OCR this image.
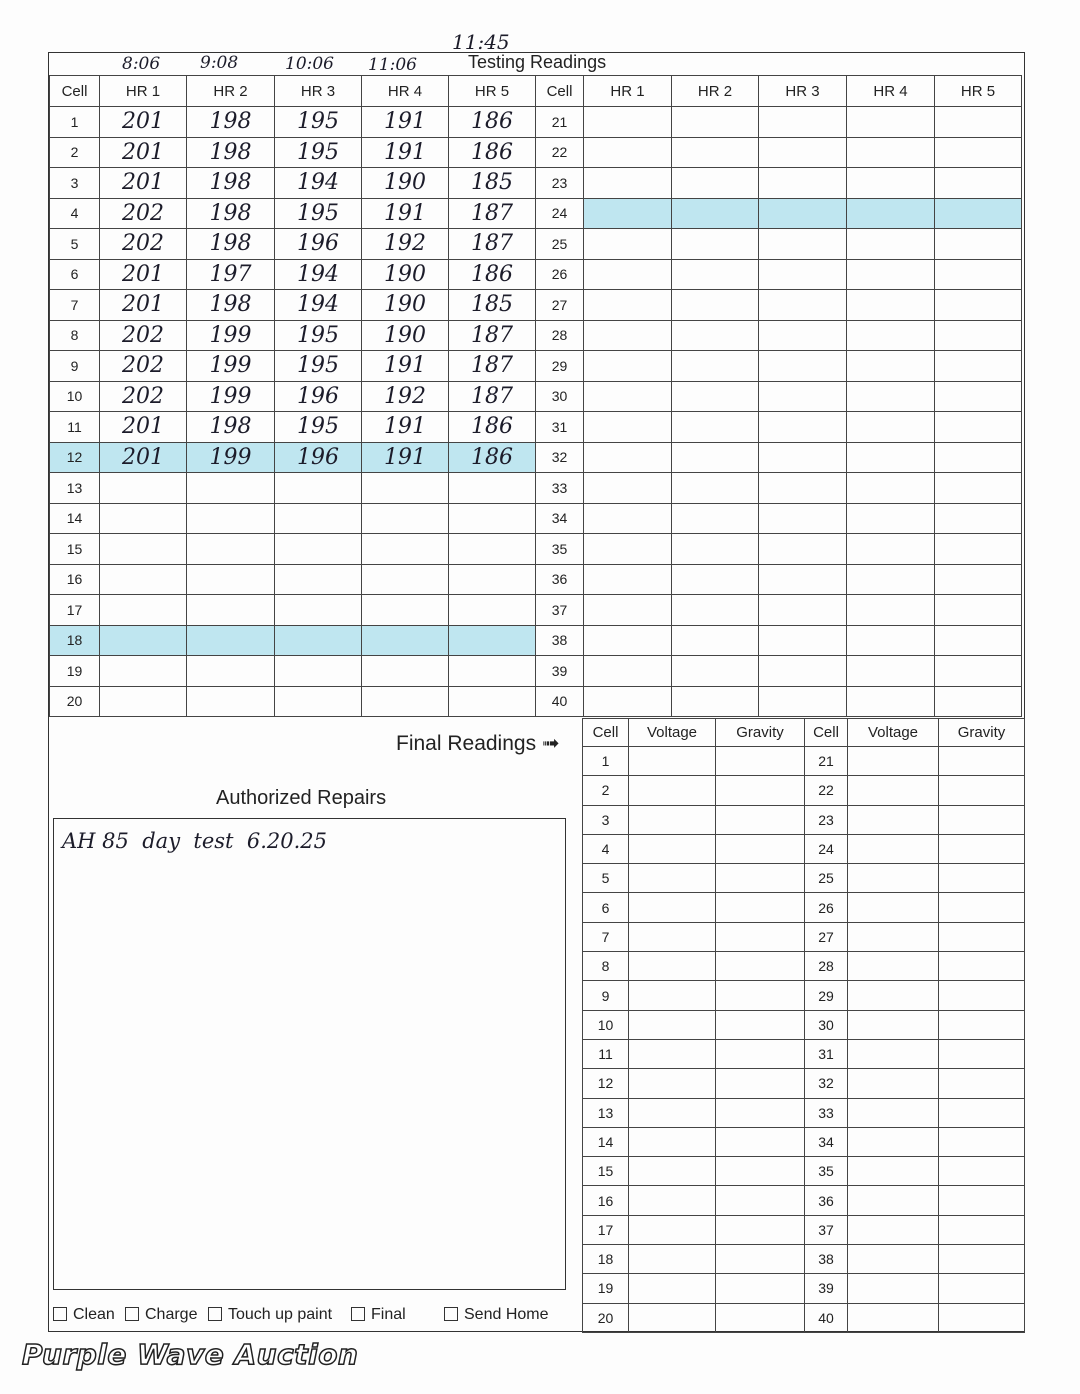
11:45
Testing Readings
8:06 9:08	10:06 11:06
Cell	HR 1	HR 2	HR 3	HR 4	HR 5	Cell	HR 1	HR 2	HR 3	HR 4	HR 5
1	201	198	195	191	186	21					
2	201	198	195	191	186	22					
3	201	198	194	190	185	23					
4	202	198	195	191	187	24					
5	202	198	196	192	187	25					
6	201	197	194	190	186	26					
7	201	198	194	190	185	27					
8	202	199	195	190	187	28					
9	202	199	195	191	187	29					
10	202	199	196	192	187	30					
11	201	198	195	191	186	31					
12	201	199	196	191	186	32					
13						33					
14						34					
15						35					
16						36					
17						37					
18						38					
19						39					
20						40					
Final Readings ➟ Cell	Voltage	Gravity	Cell	Voltage	Gravity
1			21		
2			22		
3			23		
4			24		
5			25		
6			26		
7			27		
8			28		
9			29		
10			30		
11			31		
12			32		
13			33		
14			34		
15			35		
16			36		
17			37		
18			38		
19			39		
20			40		
Authorized Repairs
AH 85  day  test  6.20.25
Clean	Charge	Touch up paint	Final	Send Home
Purple Wave Auction
